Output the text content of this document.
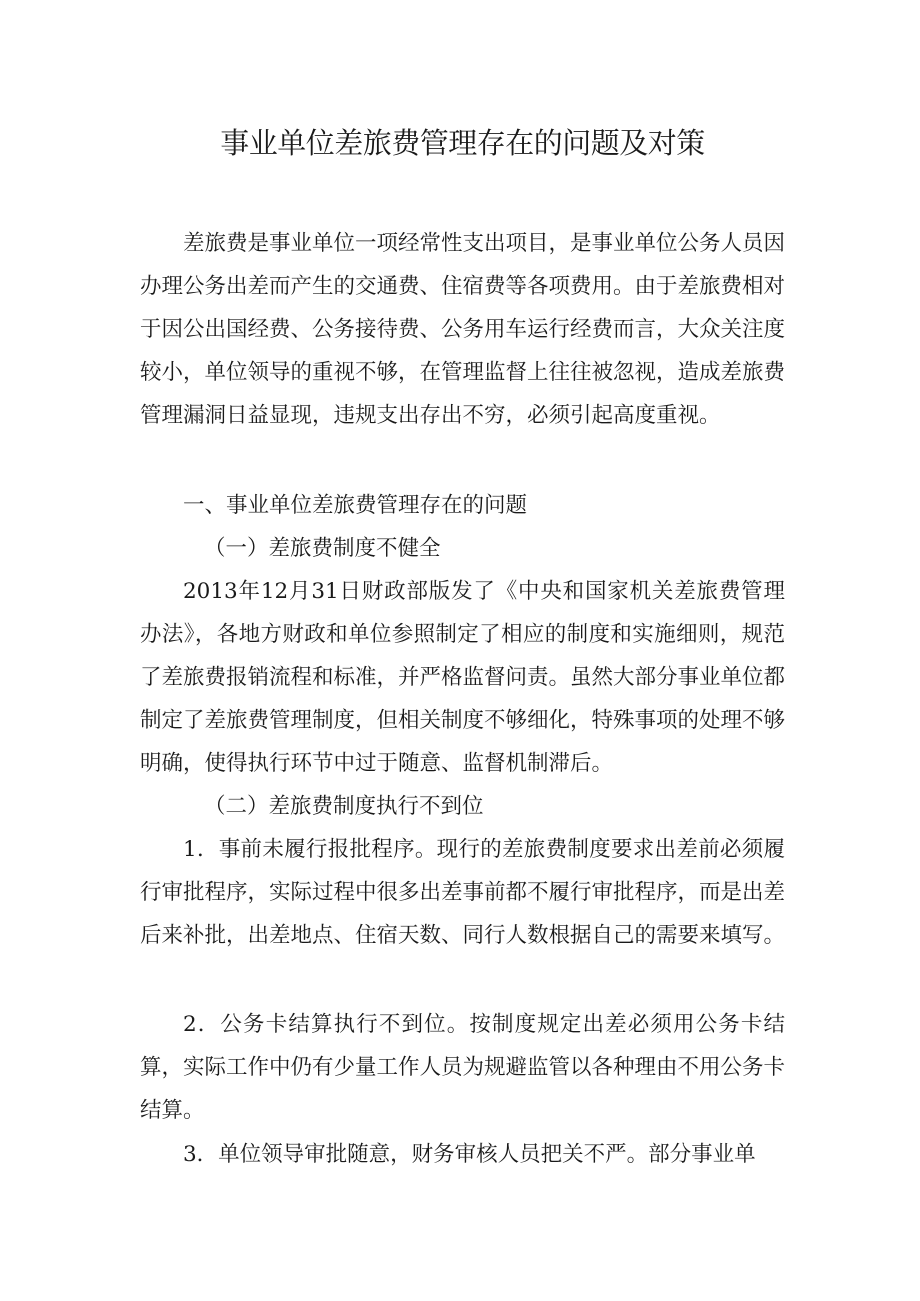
事业单位差旅费管理存在的问题及对策

差旅费是事业单位一项经常性支出项目，是事业单位公务人员因办理公务出差而产生的交通费、住宿费等各项费用。由于差旅费相对于因公出国经费、公务接待费、公务用车运行经费而言，大众关注度较小，单位领导的重视不够，在管理监督上往往被忽视，造成差旅费管理漏洞日益显现，违规支出存出不穷，必须引起高度重视。

一、事业单位差旅费管理存在的问题
（一）差旅费制度不健全

2013年12月31日财政部版发了《中央和国家机关差旅费管理办法》，各地方财政和单位参照制定了相应的制度和实施细则，规范了差旅费报销流程和标准，并严格监督问责。虽然大部分事业单位都制定了差旅费管理制度，但相关制度不够细化，特殊事项的处理不够明确，使得执行环节中过于随意、监督机制滞后。

（二）差旅费制度执行不到位

1．事前未履行报批程序。现行的差旅费制度要求出差前必须履行审批程序，实际过程中很多出差事前都不履行审批程序，而是出差后来补批，出差地点、住宿天数、同行人数根据自己的需要来填写。

2．公务卡结算执行不到位。按制度规定出差必须用公务卡结算，实际工作中仍有少量工作人员为规避监管以各种理由不用公务卡结算。

3．单位领导审批随意，财务审核人员把关不严。部分事业单
